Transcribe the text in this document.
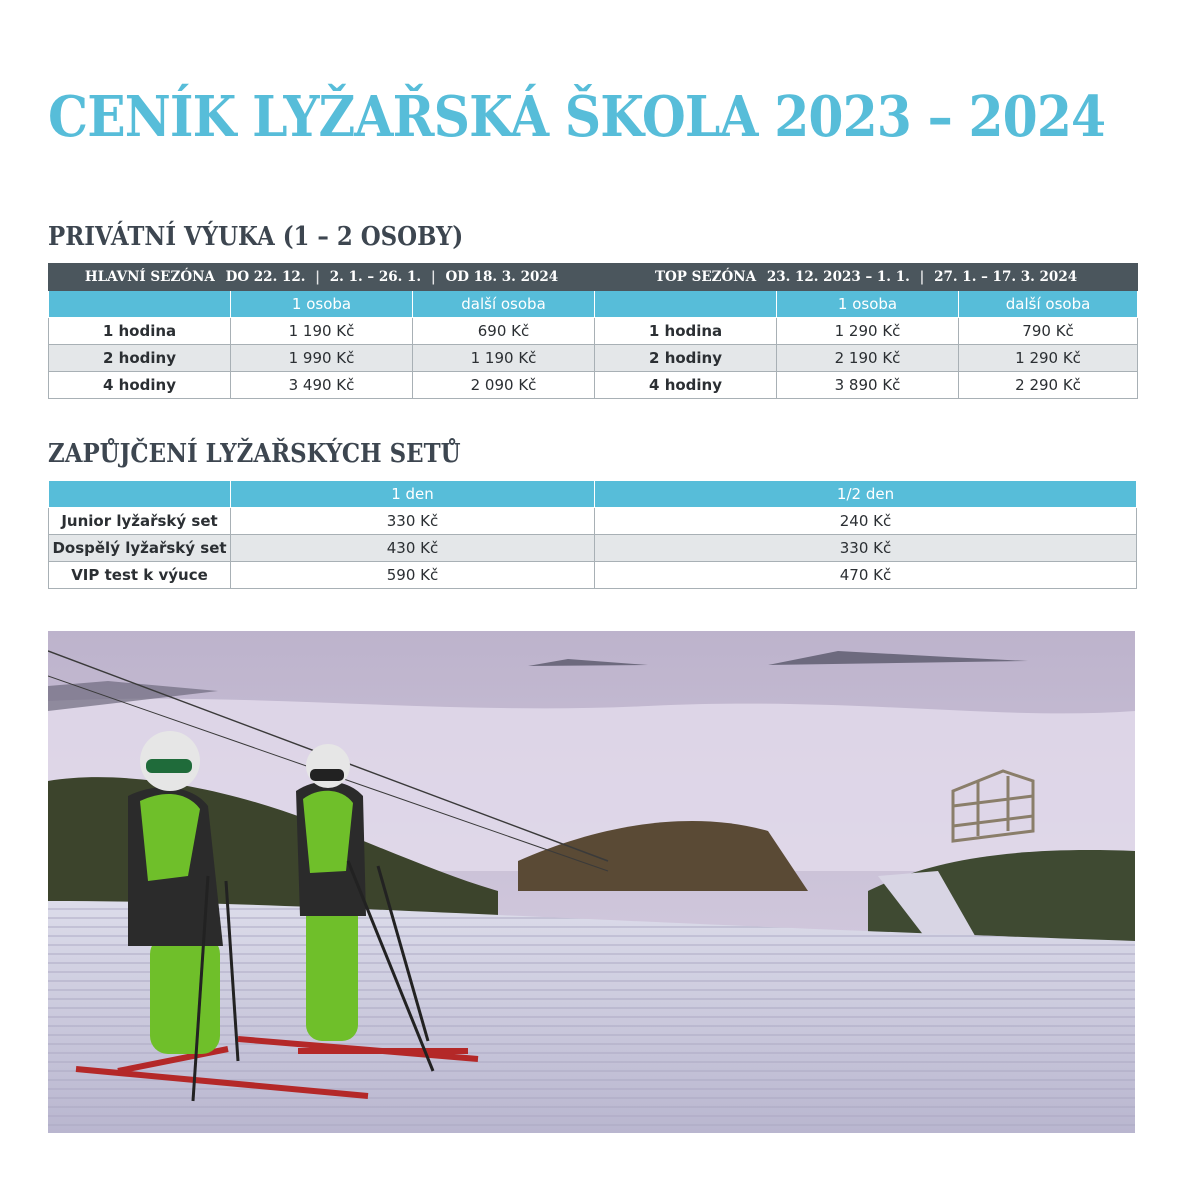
CENÍK LYŽAŘSKÁ ŠKOLA 2023 – 2024
PRIVÁTNÍ VÝUKA (1 – 2 OSOBY)
HLAVNÍ SEZÓNA DO 22. 12. | 2. 1. – 26. 1. | OD 18. 3. 2024			TOP SEZÓNA 23. 12. 2023 – 1. 1. | 27. 1. – 17. 3. 2024		
	1 osoba	další osoba		1 osoba	další osoba
1 hodina	1 190 Kč	690 Kč	1 hodina	1 290 Kč	790 Kč
2 hodiny	1 990 Kč	1 190 Kč	2 hodiny	2 190 Kč	1 290 Kč
4 hodiny	3 490 Kč	2 090 Kč	4 hodiny	3 890 Kč	2 290 Kč
ZAPŮJČENÍ LYŽAŘSKÝCH SETŮ
	1 den	1/2 den
Junior lyžařský set	330 Kč	240 Kč
Dospělý lyžařský set	430 Kč	330 Kč
VIP test k výuce	590 Kč	470 Kč
